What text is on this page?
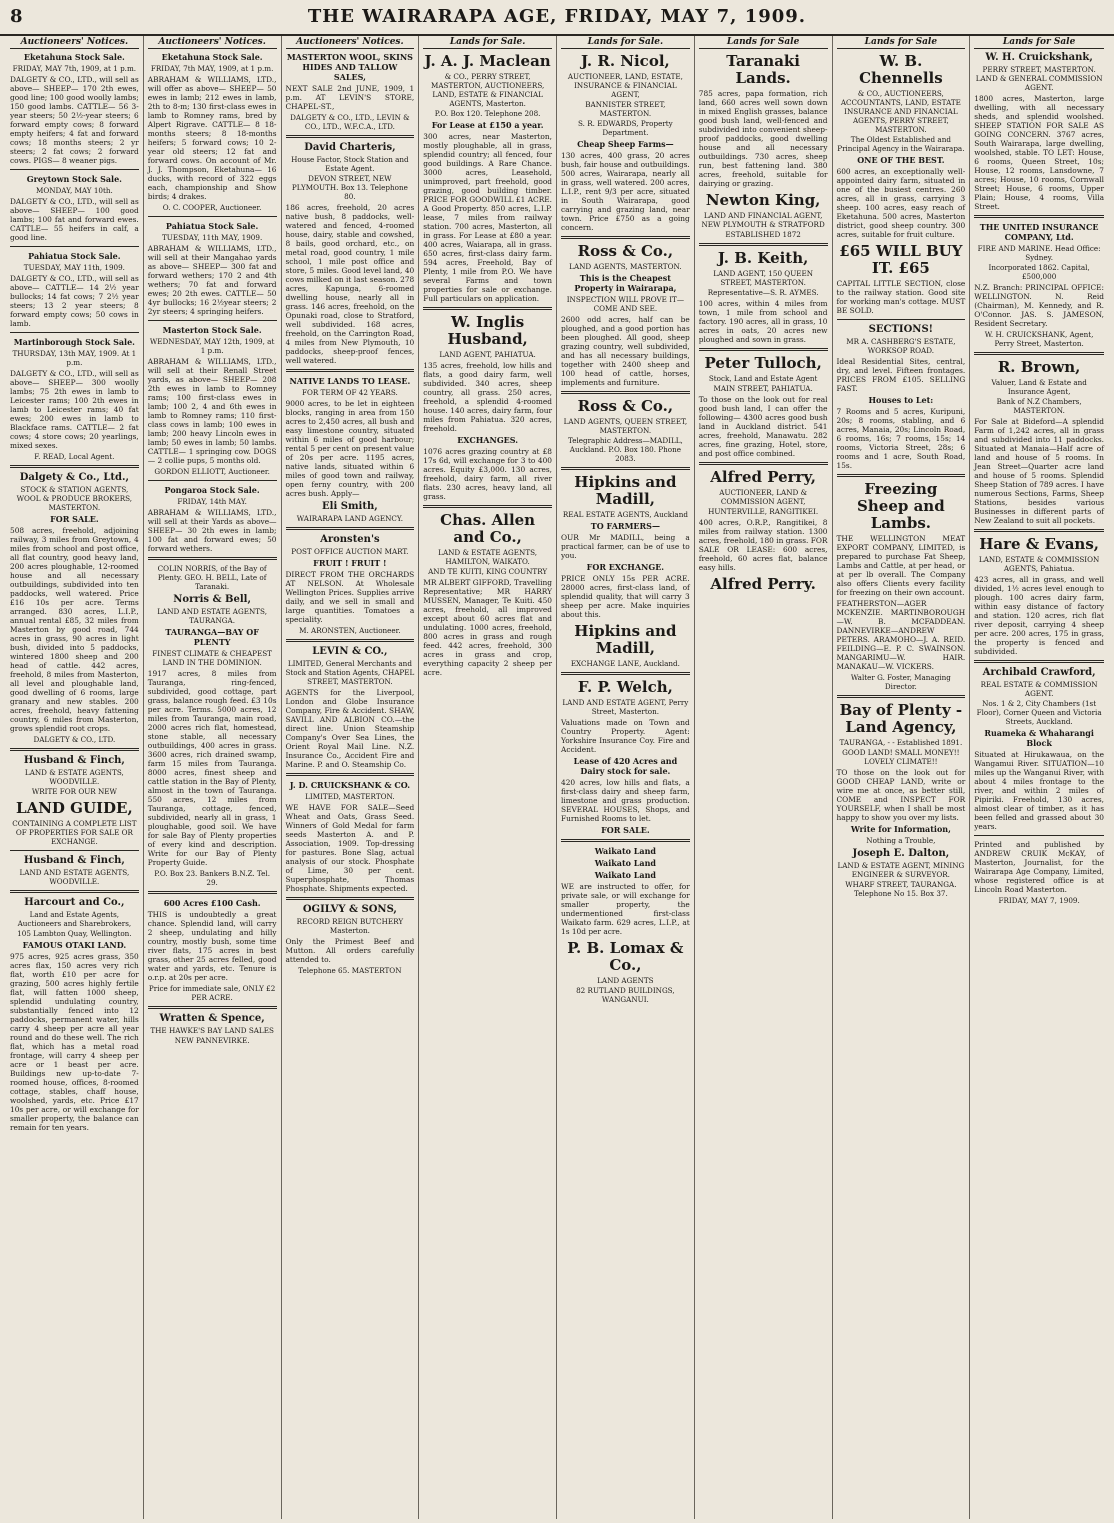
8	THE WAIRARAPA AGE, FRIDAY, MAY 7, 1909.
Auctioneers' Notices.
Eketahuna Stock Sale.
FRIDAY, MAY 7th, 1909, at 1 p.m.
DALGETY & CO., LTD., will sell as above— SHEEP— 170 2th ewes, good line; 100 good woolly lambs; 150 good lambs. CATTLE— 56 3-year steers; 50 2½-year steers; 6 forward empty cows; 8 forward empty heifers; 4 fat and forward cows; 18 months steers; 2 yr steers; 2 fat cows; 2 forward cows. PIGS— 8 weaner pigs.
Greytown Stock Sale.
MONDAY, MAY 10th.
DALGETY & CO., LTD., will sell as above— SHEEP— 100 good lambs; 100 fat and forward ewes. CATTLE— 55 heifers in calf, a good line.
Pahiatua Stock Sale.
TUESDAY, MAY 11th, 1909.
DALGETY & CO., LTD., will sell as above— CATTLE— 14 2½ year bullocks; 14 fat cows; 7 2½ year steers; 13 2 year steers; 8 forward empty cows; 50 cows in lamb.
Martinborough Stock Sale.
THURSDAY, 13th MAY, 1909. At 1 p.m.
DALGETY & CO., LTD., will sell as above— SHEEP— 300 woolly lambs; 75 2th ewes in lamb to Leicester rams; 100 2th ewes in lamb to Leicester rams; 40 fat ewes; 200 ewes in lamb to Blackface rams. CATTLE— 2 fat cows; 4 store cows; 20 yearlings, mixed sexes.
F. READ, Local Agent.
Dalgety & Co., Ltd.,
STOCK & STATION AGENTS, WOOL & PRODUCE BROKERS, MASTERTON.
FOR SALE.
508 acres, freehold, adjoining railway, 3 miles from Greytown, 4 miles from school and post office, all flat country, good heavy land, 200 acres ploughable, 12-roomed house and all necessary outbuildings, subdivided into ten paddocks, well watered. Price £16 10s per acre. Terms arranged. 830 acres, L.I.P., annual rental £85, 32 miles from Masterton by good road, 744 acres in grass, 90 acres in light bush, divided into 5 paddocks, wintered 1800 sheep and 200 head of cattle. 442 acres, freehold, 8 miles from Masterton, all level and ploughable land, good dwelling of 6 rooms, large granary and new stables. 200 acres, freehold, heavy fattening country, 6 miles from Masterton, grows splendid root crops.
DALGETY & CO., LTD.
Husband & Finch,
LAND & ESTATE AGENTS, WOODVILLE.
WRITE FOR OUR NEW
LAND GUIDE,
CONTAINING A COMPLETE LIST OF PROPERTIES FOR SALE OR EXCHANGE.
Husband & Finch,
LAND AND ESTATE AGENTS, WOODVILLE.
Harcourt and Co.,
Land and Estate Agents, Auctioneers and Sharebrokers,
105 Lambton Quay, Wellington.
FAMOUS OTAKI LAND.
975 acres, 925 acres grass, 350 acres flax, 150 acres very rich flat, worth £10 per acre for grazing, 500 acres highly fertile flat, will fatten 1000 sheep, splendid undulating country, substantially fenced into 12 paddocks, permanent water, hills carry 4 sheep per acre all year round and do these well. The rich flat, which has a metal road frontage, will carry 4 sheep per acre or 1 beast per acre. Buildings new up-to-date 7-roomed house, offices, 8-roomed cottage, stables, chaff house, woolshed, yards, etc. Price £17 10s per acre, or will exchange for smaller property, the balance can remain for ten years.
Auctioneers' Notices.
Eketahuna Stock Sale.
FRIDAY, 7th MAY, 1909, at 1 p.m.
ABRAHAM & WILLIAMS, LTD., will offer as above— SHEEP— 50 ewes in lamb; 212 ewes in lamb, 2th to 8-m; 130 first-class ewes in lamb to Romney rams, bred by Alpert Rigrave. CATTLE— 8 18-months steers; 8 18-months heifers; 5 forward cows; 10 2-year old steers; 12 fat and forward cows. On account of Mr. J. J. Thompson, Eketahuna— 16 ducks, with record of 322 eggs each, championship and Show birds; 4 drakes.
O. C. COOPER, Auctioneer.
Pahiatua Stock Sale.
TUESDAY, 11th MAY, 1909.
ABRAHAM & WILLIAMS, LTD., will sell at their Mangahao yards as above— SHEEP— 300 fat and forward wethers; 170 2 and 4th wethers; 70 fat and forward ewes; 20 2th ewes. CATTLE— 50 4yr bullocks; 16 2½year steers; 2 2yr steers; 4 springing heifers.
Masterton Stock Sale.
WEDNESDAY, MAY 12th, 1909, at 1 p.m.
ABRAHAM & WILLIAMS, LTD., will sell at their Renall Street yards, as above— SHEEP— 208 2th ewes in lamb to Romney rams; 100 first-class ewes in lamb; 100 2, 4 and 6th ewes in lamb to Romney rams; 110 first-class cows in lamb; 100 ewes in lamb; 200 heavy Lincoln ewes in lamb; 50 ewes in lamb; 50 lambs. CATTLE— 1 springing cow. DOGS— 2 collie pups, 5 months old.
GORDON ELLIOTT, Auctioneer.
Pongaroa Stock Sale.
FRIDAY, 14th MAY.
ABRAHAM & WILLIAMS, LTD., will sell at their Yards as above— SHEEP— 30 2th ewes in lamb; 100 fat and forward ewes; 50 forward wethers.
COLIN NORRIS, of the Bay of Plenty. GEO. H. BELL, Late of Taranaki.
Norris & Bell,
LAND AND ESTATE AGENTS, TAURANGA.
TAURANGA—BAY OF PLENTY
FINEST CLIMATE & CHEAPEST LAND IN THE DOMINION.
1917 acres, 8 miles from Tauranga, ring-fenced, subdivided, good cottage, part grass, balance rough feed. £3 10s per acre. Terms. 5000 acres, 12 miles from Tauranga, main road, 2000 acres rich flat, homestead, stone stable, all necessary outbuildings, 400 acres in grass. 3600 acres, rich drained swamp, farm 15 miles from Tauranga. 8000 acres, finest sheep and cattle station in the Bay of Plenty, almost in the town of Tauranga. 550 acres, 12 miles from Tauranga, cottage, fenced, subdivided, nearly all in grass, 1 ploughable, good soil. We have for sale Bay of Plenty properties of every kind and description. Write for our Bay of Plenty Property Guide.
P.O. Box 23. Bankers B.N.Z. Tel. 29.
600 Acres £100 Cash.
THIS is undoubtedly a great chance. Splendid land, will carry 2 sheep, undulating and hilly country, mostly bush, some time river flats, 175 acres in best grass, other 25 acres felled, good water and yards, etc. Tenure is o.r.p. at 20s per acre.
Price for immediate sale, ONLY £2 PER ACRE.
Wratten & Spence,
THE HAWKE'S BAY LAND SALES
NEW PANNEVIRKE.
Auctioneers' Notices.
MASTERTON WOOL, SKINS HIDES AND TALLOW SALES,
NEXT SALE 2nd JUNE, 1909, 1 p.m. AT LEVIN'S STORE, CHAPEL-ST.,
DALGETY & CO., LTD., LEVIN & CO., LTD., W.F.C.A., LTD.
David Charteris,
House Factor, Stock Station and Estate Agent.
DEVON STREET, NEW PLYMOUTH. Box 13. Telephone 80.
186 acres, freehold, 20 acres native bush, 8 paddocks, well-watered and fenced, 4-roomed house, dairy, stable and cowshed, 8 bails, good orchard, etc., on metal road, good country, 1 mile school, 1 mile post office and store, 5 miles. Good level land, 40 cows milked on it last season. 278 acres, Kapunga, 6-roomed dwelling house, nearly all in grass. 146 acres, freehold, on the Opunaki road, close to Stratford, well subdivided. 168 acres, freehold, on the Carrington Road, 4 miles from New Plymouth, 10 paddocks, sheep-proof fences, well watered.
NATIVE LANDS TO LEASE.
FOR TERM OF 42 YEARS.
9000 acres, to be let in eighteen blocks, ranging in area from 150 acres to 2,450 acres, all bush and easy limestone country, situated within 6 miles of good harbour; rental 5 per cent on present value of 20s per acre. 1195 acres, native lands, situated within 6 miles of good town and railway, open ferny country, with 200 acres bush. Apply—
Eli Smith,
WAIRARAPA LAND AGENCY.
Aronsten's
POST OFFICE AUCTION MART.
FRUIT ! FRUIT !
DIRECT FROM THE ORCHARDS AT NELSON. At Wholesale Wellington Prices. Supplies arrive daily, and we sell in small and large quantities. Tomatoes a speciality.
M. ARONSTEN, Auctioneer.
LEVIN & CO.,
LIMITED, General Merchants and Stock and Station Agents, CHAPEL STREET, MASTERTON.
AGENTS for the Liverpool, London and Globe Insurance Company, Fire & Accident. SHAW, SAVILL AND ALBION CO.—the direct line. Union Steamship Company's Over Sea Lines, the Orient Royal Mail Line. N.Z. Insurance Co., Accident Fire and Marine. P. and O. Steamship Co.
J. D. CRUICKSHANK & CO.
LIMITED, MASTERTON.
WE HAVE FOR SALE—Seed Wheat and Oats, Grass Seed. Winners of Gold Medal for farm seeds Masterton A. and P. Association, 1909. Top-dressing for pastures. Bone Slag, actual analysis of our stock. Phosphate of Lime, 30 per cent. Superphosphate, Thomas Phosphate. Shipments expected.
OGILVY & SONS,
RECORD REIGN BUTCHERY Masterton.
Only the Primest Beef and Mutton. All orders carefully attended to.
Telephone 65. MASTERTON
Lands for Sale.
J. A. J. Maclean
& CO., PERRY STREET, MASTERTON, AUCTIONEERS, LAND, ESTATE & FINANCIAL AGENTS, Masterton.
P.O. Box 120. Telephone 208.
For Lease at £150 a year.
300 acres, near Masterton, mostly ploughable, all in grass, splendid country; all fenced, four good buildings. A Rare Chance. 3000 acres, Leasehold, unimproved, part freehold, good grazing, good building timber. PRICE FOR GOODWILL £1 ACRE. A Good Property. 850 acres, L.I.P. lease, 7 miles from railway station. 700 acres, Masterton, all in grass. For Lease at £80 a year. 400 acres, Waiarapa, all in grass. 650 acres, first-class dairy farm. 594 acres, Freehold, Bay of Plenty, 1 mile from P.O. We have several Farms and town properties for sale or exchange. Full particulars on application.
W. Inglis Husband,
LAND AGENT, PAHIATUA.
135 acres, freehold, low hills and flats, a good dairy farm, well subdivided. 340 acres, sheep country, all grass. 250 acres, freehold, a splendid 4-roomed house. 140 acres, dairy farm, four miles from Pahiatua. 320 acres, freehold.
EXCHANGES.
1076 acres grazing country at £8 17s 6d, will exchange for 3 to 400 acres. Equity £3,000. 130 acres, freehold, dairy farm, all river flats. 230 acres, heavy land, all grass.
Chas. Allen and Co.,
LAND & ESTATE AGENTS, HAMILTON, WAIKATO.
AND TE KUITI, KING COUNTRY
MR ALBERT GIFFORD, Travelling Representative; MR HARRY MUSSEN, Manager, Te Kuiti. 450 acres, freehold, all improved except about 60 acres flat and undulating. 1000 acres, freehold, 800 acres in grass and rough feed. 442 acres, freehold, 300 acres in grass and crop, everything capacity 2 sheep per acre.
Lands for Sale.
J. R. Nicol,
AUCTIONEER, LAND, ESTATE, INSURANCE & FINANCIAL AGENT,
BANNISTER STREET, MASTERTON.
S. R. EDWARDS, Property Department.
Cheap Sheep Farms—
130 acres, 400 grass, 20 acres bush, fair house and outbuildings. 500 acres, Wairarapa, nearly all in grass, well watered. 200 acres, L.I.P., rent 9/3 per acre, situated in South Wairarapa, good carrying and grazing land, near town. Price £750 as a going concern.
Ross & Co.,
LAND AGENTS, MASTERTON.
This is the Cheapest Property in Wairarapa,
INSPECTION WILL PROVE IT—COME AND SEE.
2600 odd acres, half can be ploughed, and a good portion has been ploughed. All good, sheep grazing country, well subdivided, and has all necessary buildings, together with 2400 sheep and 100 head of cattle, horses, implements and furniture.
Ross & Co.,
LAND AGENTS, QUEEN STREET, MASTERTON.
Telegraphic Address—MADILL, Auckland. P.O. Box 180. Phone 2083.
Hipkins and Madill,
REAL ESTATE AGENTS, Auckland
TO FARMERS—
OUR Mr MADILL, being a practical farmer, can be of use to you.
FOR EXCHANGE.
PRICE ONLY 15s PER ACRE. 28000 acres, first-class land, of splendid quality, that will carry 3 sheep per acre. Make inquiries about this.
Hipkins and Madill,
EXCHANGE LANE, Auckland.
F. P. Welch,
LAND AND ESTATE AGENT, Perry Street, Masterton.
Valuations made on Town and Country Property. Agent: Yorkshire Insurance Coy. Fire and Accident.
Lease of 420 Acres and Dairy stock for sale.
420 acres, low hills and flats, a first-class dairy and sheep farm, limestone and grass production. SEVERAL HOUSES, Shops, and Furnished Rooms to let.
FOR SALE.
Waikato Land
Waikato Land
Waikato Land
WE are instructed to offer, for private sale, or will exchange for smaller property, the undermentioned first-class Waikato farm. 629 acres, L.I.P., at 1s 10d per acre.
P. B. Lomax & Co.,
LAND AGENTS
82 RUTLAND BUILDINGS, WANGANUI.
Lands for Sale
Taranaki Lands.
785 acres, papa formation, rich land, 660 acres well sown down in mixed English grasses, balance good bush land, well-fenced and subdivided into convenient sheep-proof paddocks, good dwelling house and all necessary outbuildings. 730 acres, sheep run, best fattening land. 380 acres, freehold, suitable for dairying or grazing.
Newton King,
LAND AND FINANCIAL AGENT, NEW PLYMOUTH & STRATFORD
ESTABLISHED 1872
J. B. Keith,
LAND AGENT, 150 QUEEN STREET, MASTERTON.
Representative—S. R. AYMES.
100 acres, within 4 miles from town, 1 mile from school and factory. 190 acres, all in grass, 10 acres in oats, 20 acres new ploughed and sown in grass.
Peter Tulloch,
Stock, Land and Estate Agent
MAIN STREET, PAHIATUA.
To those on the look out for real good bush land, I can offer the following— 4300 acres good bush land in Auckland district. 541 acres, freehold, Manawatu. 282 acres, fine grazing, Hotel, store, and post office combined.
Alfred Perry,
AUCTIONEER, LAND & COMMISSION AGENT,
HUNTERVILLE, RANGITIKEI.
400 acres, O.R.P., Rangitikei, 8 miles from railway station. 1300 acres, freehold, 180 in grass. FOR SALE OR LEASE: 600 acres, freehold, 60 acres flat, balance easy hills.
Alfred Perry.
Lands for Sale
W. B. Chennells
& CO., AUCTIONEERS, ACCOUNTANTS, LAND, ESTATE INSURANCE AND FINANCIAL AGENTS, PERRY STREET, MASTERTON.
The Oldest Established and Principal Agency in the Wairarapa.
ONE OF THE BEST.
600 acres, an exceptionally well-appointed dairy farm, situated in one of the busiest centres. 260 acres, all in grass, carrying 3 sheep. 100 acres, easy reach of Eketahuna. 500 acres, Masterton district, good sheep country. 300 acres, suitable for fruit culture.
£65 WILL BUY IT. £65
CAPITAL LITTLE SECTION, close to the railway station. Good site for working man's cottage. MUST BE SOLD.
SECTIONS!
MR A. CASHBERG'S ESTATE, WORKSOP ROAD.
Ideal Residential Sites, central, dry, and level. Fifteen frontages. PRICES FROM £105. SELLING FAST.
Houses to Let:
7 Rooms and 5 acres, Kuripuni, 20s; 8 rooms, stabling, and 6 acres, Manaia, 20s; Lincoln Road, 6 rooms, 16s; 7 rooms, 15s; 14 rooms, Victoria Street, 28s; 6 rooms and 1 acre, South Road, 15s.
Freezing Sheep and Lambs.
THE WELLINGTON MEAT EXPORT COMPANY, LIMITED, is prepared to purchase Fat Sheep, Lambs and Cattle, at per head, or at per lb overall. The Company also offers Clients every facility for freezing on their own account.
FEATHERSTON—AGER MCKENZIE. MARTINBOROUGH—W. B. MCFADDEAN. DANNEVIRKE—ANDREW PETERS. ARAMOHO—J. A. REID. FEILDING—E. P. C. SWAINSON. MANGARIMU—W. HAIR. MANAKAU—W. VICKERS.
Walter G. Foster, Managing Director.
Bay of Plenty - Land Agency,
TAURANGA, - - Established 1891.
GOOD LAND! SMALL MONEY!! LOVELY CLIMATE!!
TO those on the look out for GOOD CHEAP LAND, write or wire me at once, as better still, COME and INSPECT FOR YOURSELF, when I shall be most happy to show you over my lists.
Write for Information,
Nothing a Trouble,
Joseph E. Dalton,
LAND & ESTATE AGENT, MINING ENGINEER & SURVEYOR.
WHARF STREET, TAURANGA. Telephone No 15. Box 37.
Lands for Sale
W. H. Cruickshank,
PERRY STREET, MASTERTON. LAND & GENERAL COMMISSION AGENT.
1800 acres, Masterton, large dwelling, with all necessary sheds, and splendid woolshed. SHEEP STATION FOR SALE AS GOING CONCERN. 3767 acres, South Wairarapa, large dwelling, woolshed, stable. TO LET: House, 6 rooms, Queen Street, 10s; House, 12 rooms, Lansdowne, 7 acres; House, 10 rooms, Cornwall Street; House, 6 rooms, Upper Plain; House, 4 rooms, Villa Street.
THE UNITED INSURANCE COMPANY, Ltd.
FIRE AND MARINE. Head Office: Sydney.
Incorporated 1862. Capital, £500,000
N.Z. Branch: PRINCIPAL OFFICE: WELLINGTON. N. Reid (Chairman), M. Kennedy, and R. O'Connor. JAS. S. JAMESON, Resident Secretary.
W. H. CRUICKSHANK, Agent, Perry Street, Masterton.
R. Brown,
Valuer, Land & Estate and Insurance Agent,
Bank of N.Z Chambers, MASTERTON.
For Sale at Bideford—A splendid Farm of 1,242 acres, all in grass and subdivided into 11 paddocks. Situated at Manaia—Half acre of land and house of 5 rooms. In Jean Street—Quarter acre land and house of 5 rooms. Splendid Sheep Station of 789 acres. I have numerous Sections, Farms, Sheep Stations, besides various Businesses in different parts of New Zealand to suit all pockets.
Hare & Evans,
LAND, ESTATE & COMMISSION AGENTS, Pahiatua.
423 acres, all in grass, and well divided, 1½ acres level enough to plough. 100 acres dairy farm, within easy distance of factory and station. 120 acres, rich flat river deposit, carrying 4 sheep per acre. 200 acres, 175 in grass, the property is fenced and subdivided.
Archibald Crawford,
REAL ESTATE & COMMISSION AGENT.
Nos. 1 & 2, City Chambers (1st Floor), Corner Queen and Victoria Streets, Auckland.
Ruameka & Whaharangi Block
Situated at Hirukawaua, on the Wangamui River. SITUATION—10 miles up the Wanganui River, with about 4 miles frontage to the river, and within 2 miles of Pipiriki. Freehold, 130 acres, almost clear of timber, as it has been felled and grassed about 30 years.
Printed and published by ANDREW CRUIK McKAY, of Masterton, Journalist, for the Wairarapa Age Company, Limited, whose registered office is at Lincoln Road Masterton.
FRIDAY, MAY 7, 1909.
